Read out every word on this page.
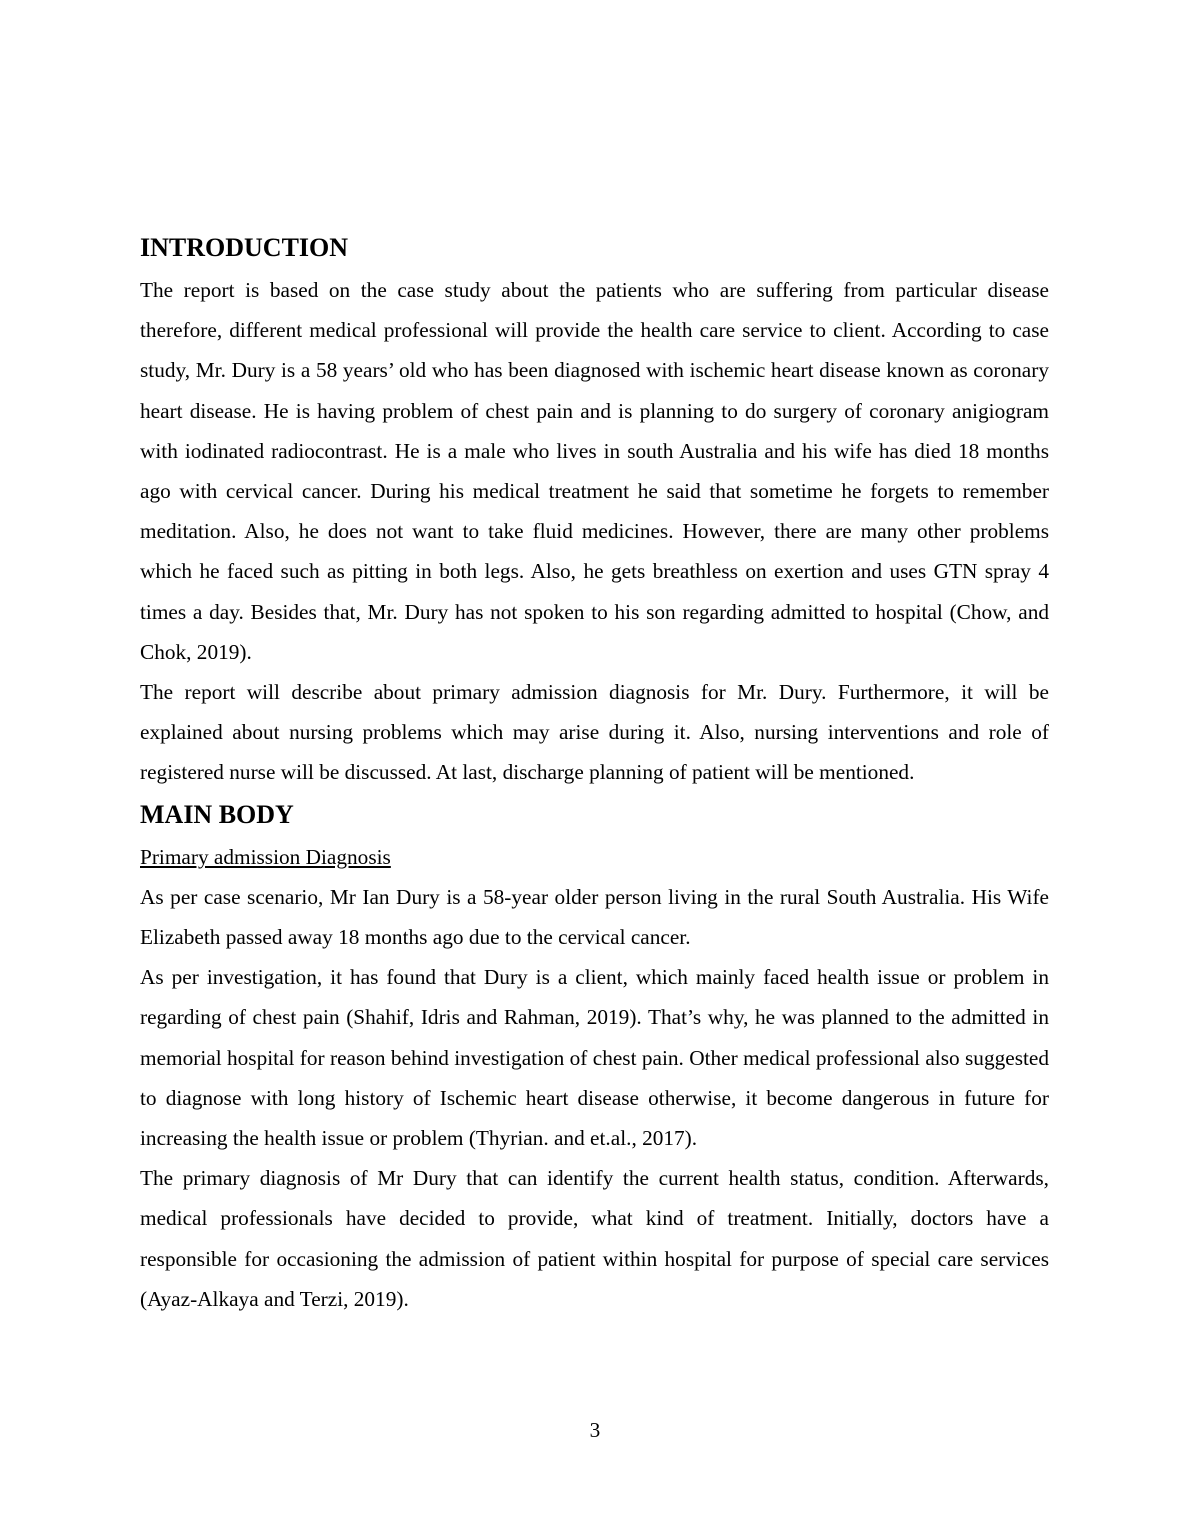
INTRODUCTION

The report is based on the case study about the patients who are suffering from particular disease therefore, different medical professional will provide the health care service to client. According to case study, Mr. Dury is a 58 years’ old who has been diagnosed with ischemic heart disease known as coronary heart disease. He is having problem of chest pain and is planning to do surgery of coronary anigiogram with iodinated radiocontrast. He is a male who lives in south Australia and his wife has died 18 months ago with cervical cancer. During his medical treatment he said that sometime he forgets to remember meditation. Also, he does not want to take fluid medicines. However, there are many other problems which he faced such as pitting in both legs. Also, he gets breathless on exertion and uses GTN spray 4 times a day. Besides that, Mr. Dury has not spoken to his son regarding admitted to hospital (Chow, and Chok, 2019).

The report will describe about primary admission diagnosis for Mr. Dury. Furthermore, it will be explained about nursing problems which may arise during it. Also, nursing interventions and role of registered nurse will be discussed. At last, discharge planning of patient will be mentioned.

MAIN BODY
Primary admission Diagnosis

As per case scenario, Mr Ian Dury is a 58-year older person living in the rural South Australia. His Wife Elizabeth passed away 18 months ago due to the cervical cancer.

As per investigation, it has found that Dury is a client, which mainly faced health issue or problem in regarding of chest pain (Shahif, Idris and Rahman, 2019). That’s why, he was planned to the admitted in memorial hospital for reason behind investigation of chest pain. Other medical professional also suggested to diagnose with long history of Ischemic heart disease otherwise, it become dangerous in future for increasing the health issue or problem (Thyrian. and et.al., 2017).

The primary diagnosis of Mr Dury that can identify the current health status, condition. Afterwards, medical professionals have decided to provide, what kind of treatment. Initially, doctors have a responsible for occasioning the admission of patient within hospital for purpose of special care services (Ayaz-Alkaya and Terzi, 2019).

3
